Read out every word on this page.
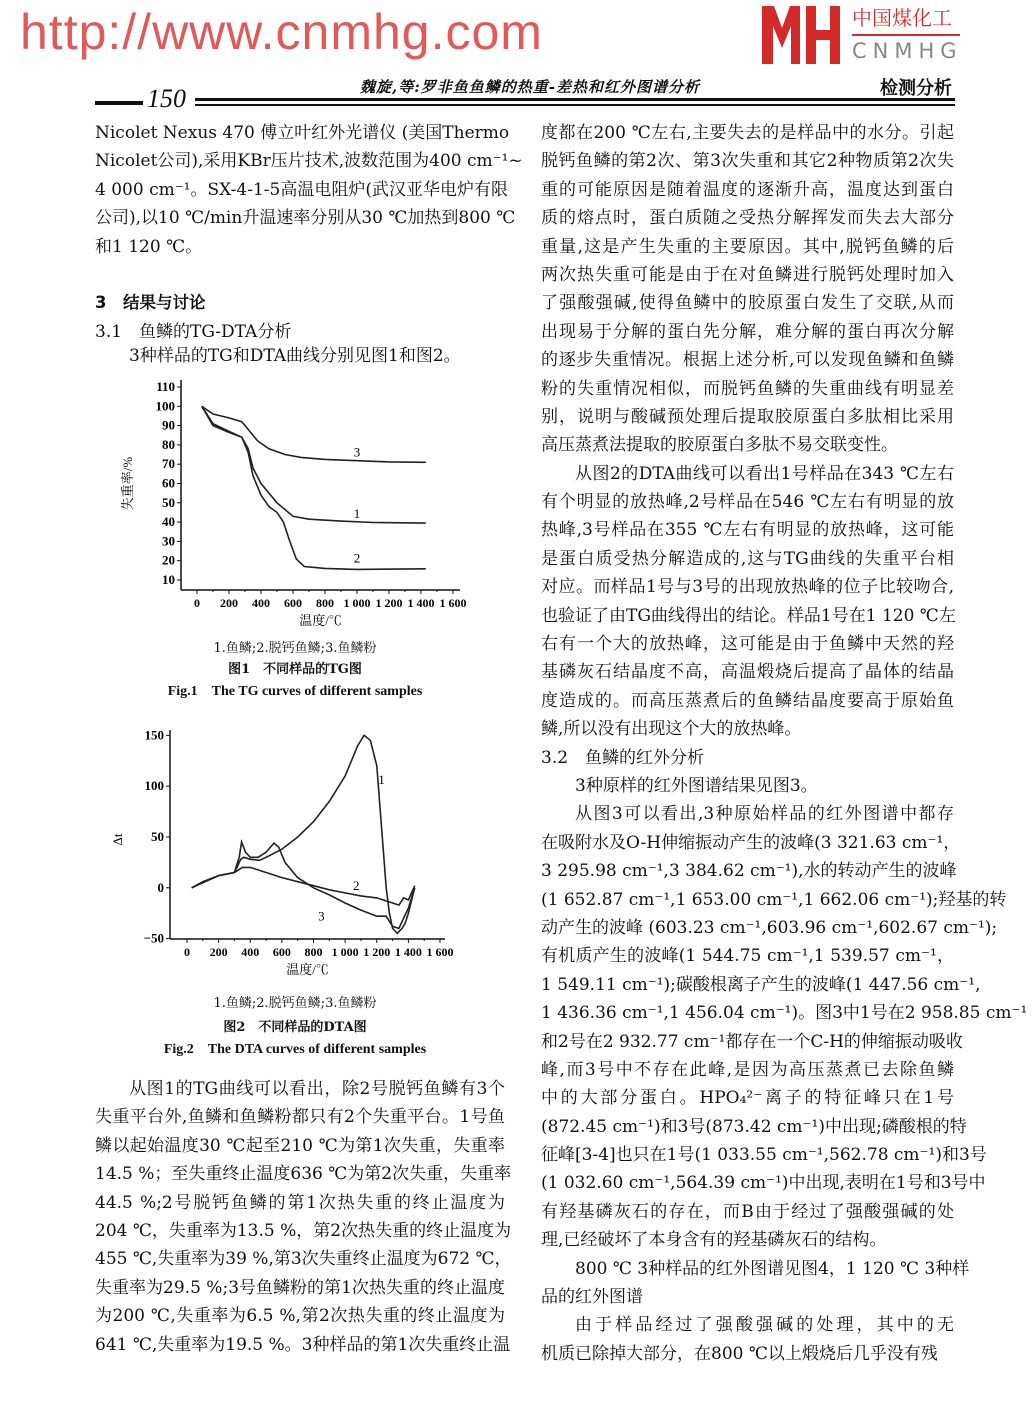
http://www.cnmhg.com	中国煤化工
CNMHG
150	魏旋,等:罗非鱼鱼鳞的热重-差热和红外图谱分析	检测分析
Nicolet Nexus 470 傅立叶红外光谱仪 (美国Thermo
Nicolet公司),采用KBr压片技术,波数范围为400 cm⁻¹~
4 000 cm⁻¹。SX-4-1-5高温电阻炉(武汉亚华电炉有限
公司),以10 ℃/min升温速率分别从30 ℃加热到800 ℃
和1 120 ℃。
3　结果与讨论
3.1　鱼鳞的TG-DTA分析
3种样品的TG和DTA曲线分别见图1和图2。
0 200 400 600 800 1 000 1 200 1 400 1 600
10
20
30
40
50
60
70
80
90
100
110
温度/℃
失重率/%
1
2
3
1.鱼鳞;2.脱钙鱼鳞;3.鱼鳞粉
图1　不同样品的TG图
Fig.1　The TG curves of different samples
0 200 400 600 800 1 000 1 200 1 400 1 600
−50
0
50
100
150
温度/℃
Δt
1
2
3
1.鱼鳞;2.脱钙鱼鳞;3.鱼鳞粉
图2　不同样品的DTA图
Fig.2　The DTA curves of different samples
从图1的TG曲线可以看出，除2号脱钙鱼鳞有3个
失重平台外,鱼鳞和鱼鳞粉都只有2个失重平台。1号鱼
鳞以起始温度30 ℃起至210 ℃为第1次失重，失重率
14.5 %；至失重终止温度636 ℃为第2次失重，失重率
44.5 %;2号脱钙鱼鳞的第1次热失重的终止温度为
204 ℃，失重率为13.5 %，第2次热失重的终止温度为
455 ℃,失重率为39 %,第3次失重终止温度为672 ℃，
失重率为29.5 %;3号鱼鳞粉的第1次热失重的终止温度
为200 ℃,失重率为6.5 %,第2次热失重的终止温度为
641 ℃,失重率为19.5 %。3种样品的第1次失重终止温
度都在200 ℃左右,主要失去的是样品中的水分。引起
脱钙鱼鳞的第2次、第3次失重和其它2种物质第2次失
重的可能原因是随着温度的逐渐升高，温度达到蛋白
质的熔点时，蛋白质随之受热分解挥发而失去大部分
重量,这是产生失重的主要原因。其中,脱钙鱼鳞的后
两次热失重可能是由于在对鱼鳞进行脱钙处理时加入
了强酸强碱,使得鱼鳞中的胶原蛋白发生了交联,从而
出现易于分解的蛋白先分解，难分解的蛋白再次分解
的逐步失重情况。根据上述分析,可以发现鱼鳞和鱼鳞
粉的失重情况相似，而脱钙鱼鳞的失重曲线有明显差
别，说明与酸碱预处理后提取胶原蛋白多肽相比采用
高压蒸煮法提取的胶原蛋白多肽不易交联变性。
从图2的DTA曲线可以看出1号样品在343 ℃左右
有个明显的放热峰,2号样品在546 ℃左右有明显的放
热峰,3号样品在355 ℃左右有明显的放热峰，这可能
是蛋白质受热分解造成的,这与TG曲线的失重平台相
对应。而样品1号与3号的出现放热峰的位子比较吻合,
也验证了由TG曲线得出的结论。样品1号在1 120 ℃左
右有一个大的放热峰，这可能是由于鱼鳞中天然的羟
基磷灰石结晶度不高，高温煅烧后提高了晶体的结晶
度造成的。而高压蒸煮后的鱼鳞结晶度要高于原始鱼
鳞,所以没有出现这个大的放热峰。
3.2　鱼鳞的红外分析
3种原样的红外图谱结果见图3。
从图3可以看出,3种原始样品的红外图谱中都存
在吸附水及O-H伸缩振动产生的波峰(3 321.63 cm⁻¹，
3 295.98 cm⁻¹,3 384.62 cm⁻¹),水的转动产生的波峰
(1 652.87 cm⁻¹,1 653.00 cm⁻¹,1 662.06 cm⁻¹);羟基的转
动产生的波峰 (603.23 cm⁻¹,603.96 cm⁻¹,602.67 cm⁻¹);
有机质产生的波峰(1 544.75 cm⁻¹,1 539.57 cm⁻¹，
1 549.11 cm⁻¹);碳酸根离子产生的波峰(1 447.56 cm⁻¹,
1 436.36 cm⁻¹,1 456.04 cm⁻¹)。图3中1号在2 958.85 cm⁻¹
和2号在2 932.77 cm⁻¹都存在一个C-H的伸缩振动吸收
峰,而3号中不存在此峰,是因为高压蒸煮已去除鱼鳞
中的大部分蛋白。HPO₄²⁻离子的特征峰只在1号
(872.45 cm⁻¹)和3号(873.42 cm⁻¹)中出现;磷酸根的特
征峰[3-4]也只在1号(1 033.55 cm⁻¹,562.78 cm⁻¹)和3号
(1 032.60 cm⁻¹,564.39 cm⁻¹)中出现,表明在1号和3号中
有羟基磷灰石的存在，而B由于经过了强酸强碱的处
理,已经破坏了本身含有的羟基磷灰石的结构。
800 ℃ 3种样品的红外图谱见图4，1 120 ℃ 3种样
品的红外图谱
由于样品经过了强酸强碱的处理，其中的无
机质已除掉大部分，在800 ℃以上煅烧后几乎没有残
